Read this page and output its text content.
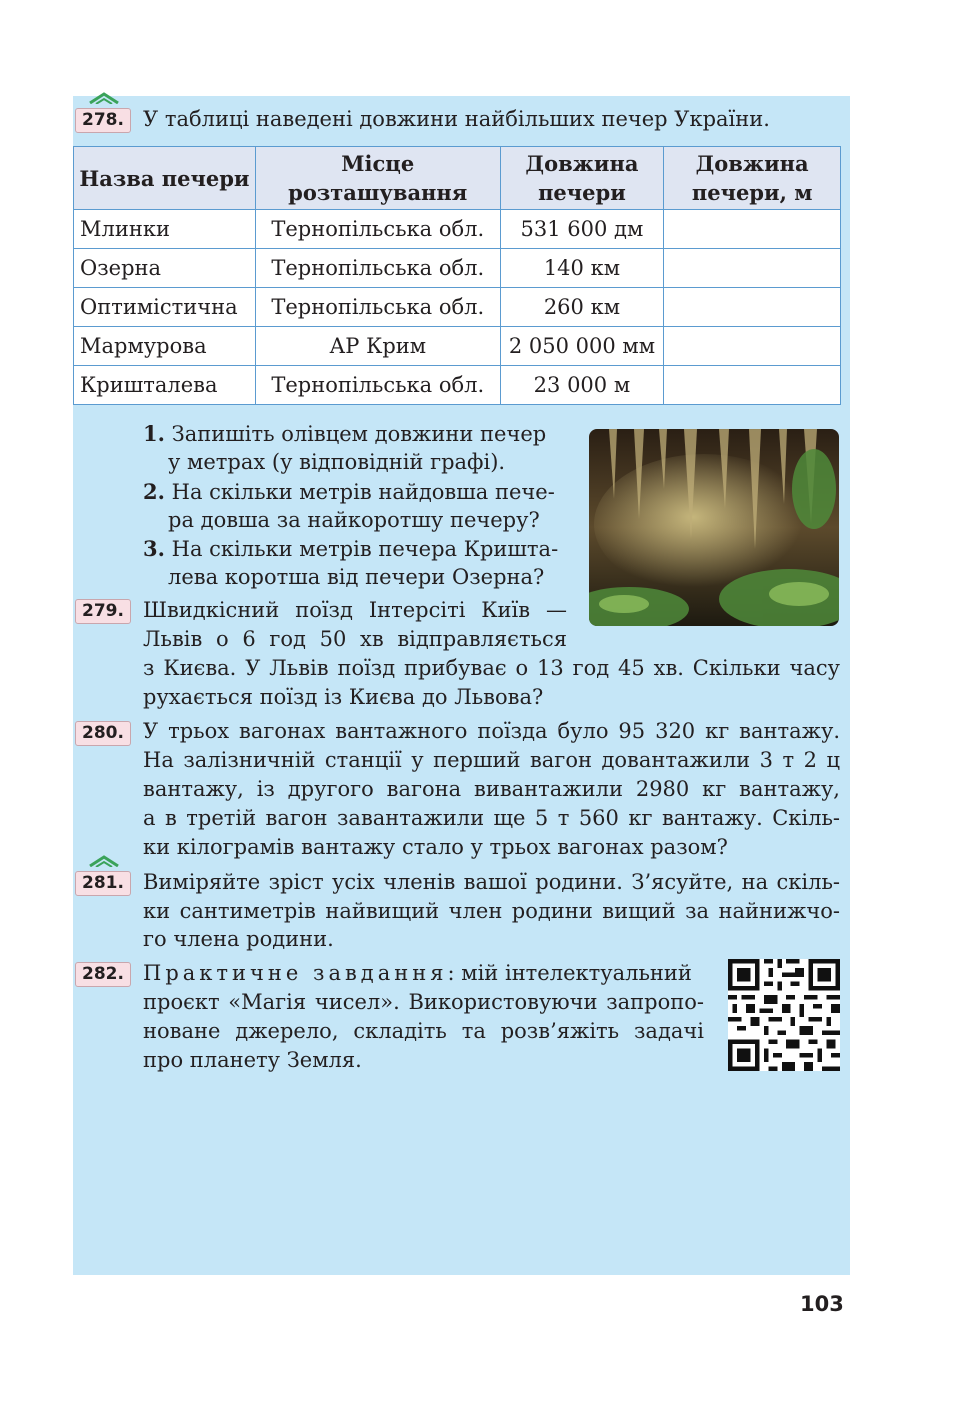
278. У таблиці наведені довжини найбільших печер України.
Назва печери	Місце розташування	Довжина печери	Довжина печери, м
Млинки	Тернопільська обл.	531 600 дм	
Озерна	Тернопільська обл.	140 км	
Оптимістична	Тернопільська обл.	260 км	
Мармурова	АР Крим	2 050 000 мм	
Кришталева	Тернопільська обл.	23 000 м	
1. Запишіть олівцем довжини печер
у метрах (у відповідній графі).
2. На скільки метрів найдовша пече-
ра довша за найкоротшу печеру?
3. На скільки метрів печера Кришта-
лева коротша від печери Озерна?
279. Швидкісний поїзд Інтерсіті Київ —
Львів о 6 год 50 хв відправляється
з Києва. У Львів поїзд прибуває о 13 год 45 хв. Скільки часу
рухається поїзд із Києва до Львова?
280. У трьох вагонах вантажного поїзда було 95 320 кг вантажу.
На залізничній станції у перший вагон довантажили 3 т 2 ц
вантажу, із другого вагона вивантажили 2980 кг вантажу,
а в третій вагон завантажили ще 5 т 560 кг вантажу. Скіль-
ки кілограмів вантажу стало у трьох вагонах разом?
281. Виміряйте зріст усіх членів вашої родини. З’ясуйте, на скіль-
ки сантиметрів найвищий член родини вищий за найнижчо-
го члена родини.
282. Практичне завдання: мій інтелектуальний
проєкт «Магія чисел». Використовуючи запропо-
новане джерело, складіть та розв’яжіть задачі
про планету Земля.
103
